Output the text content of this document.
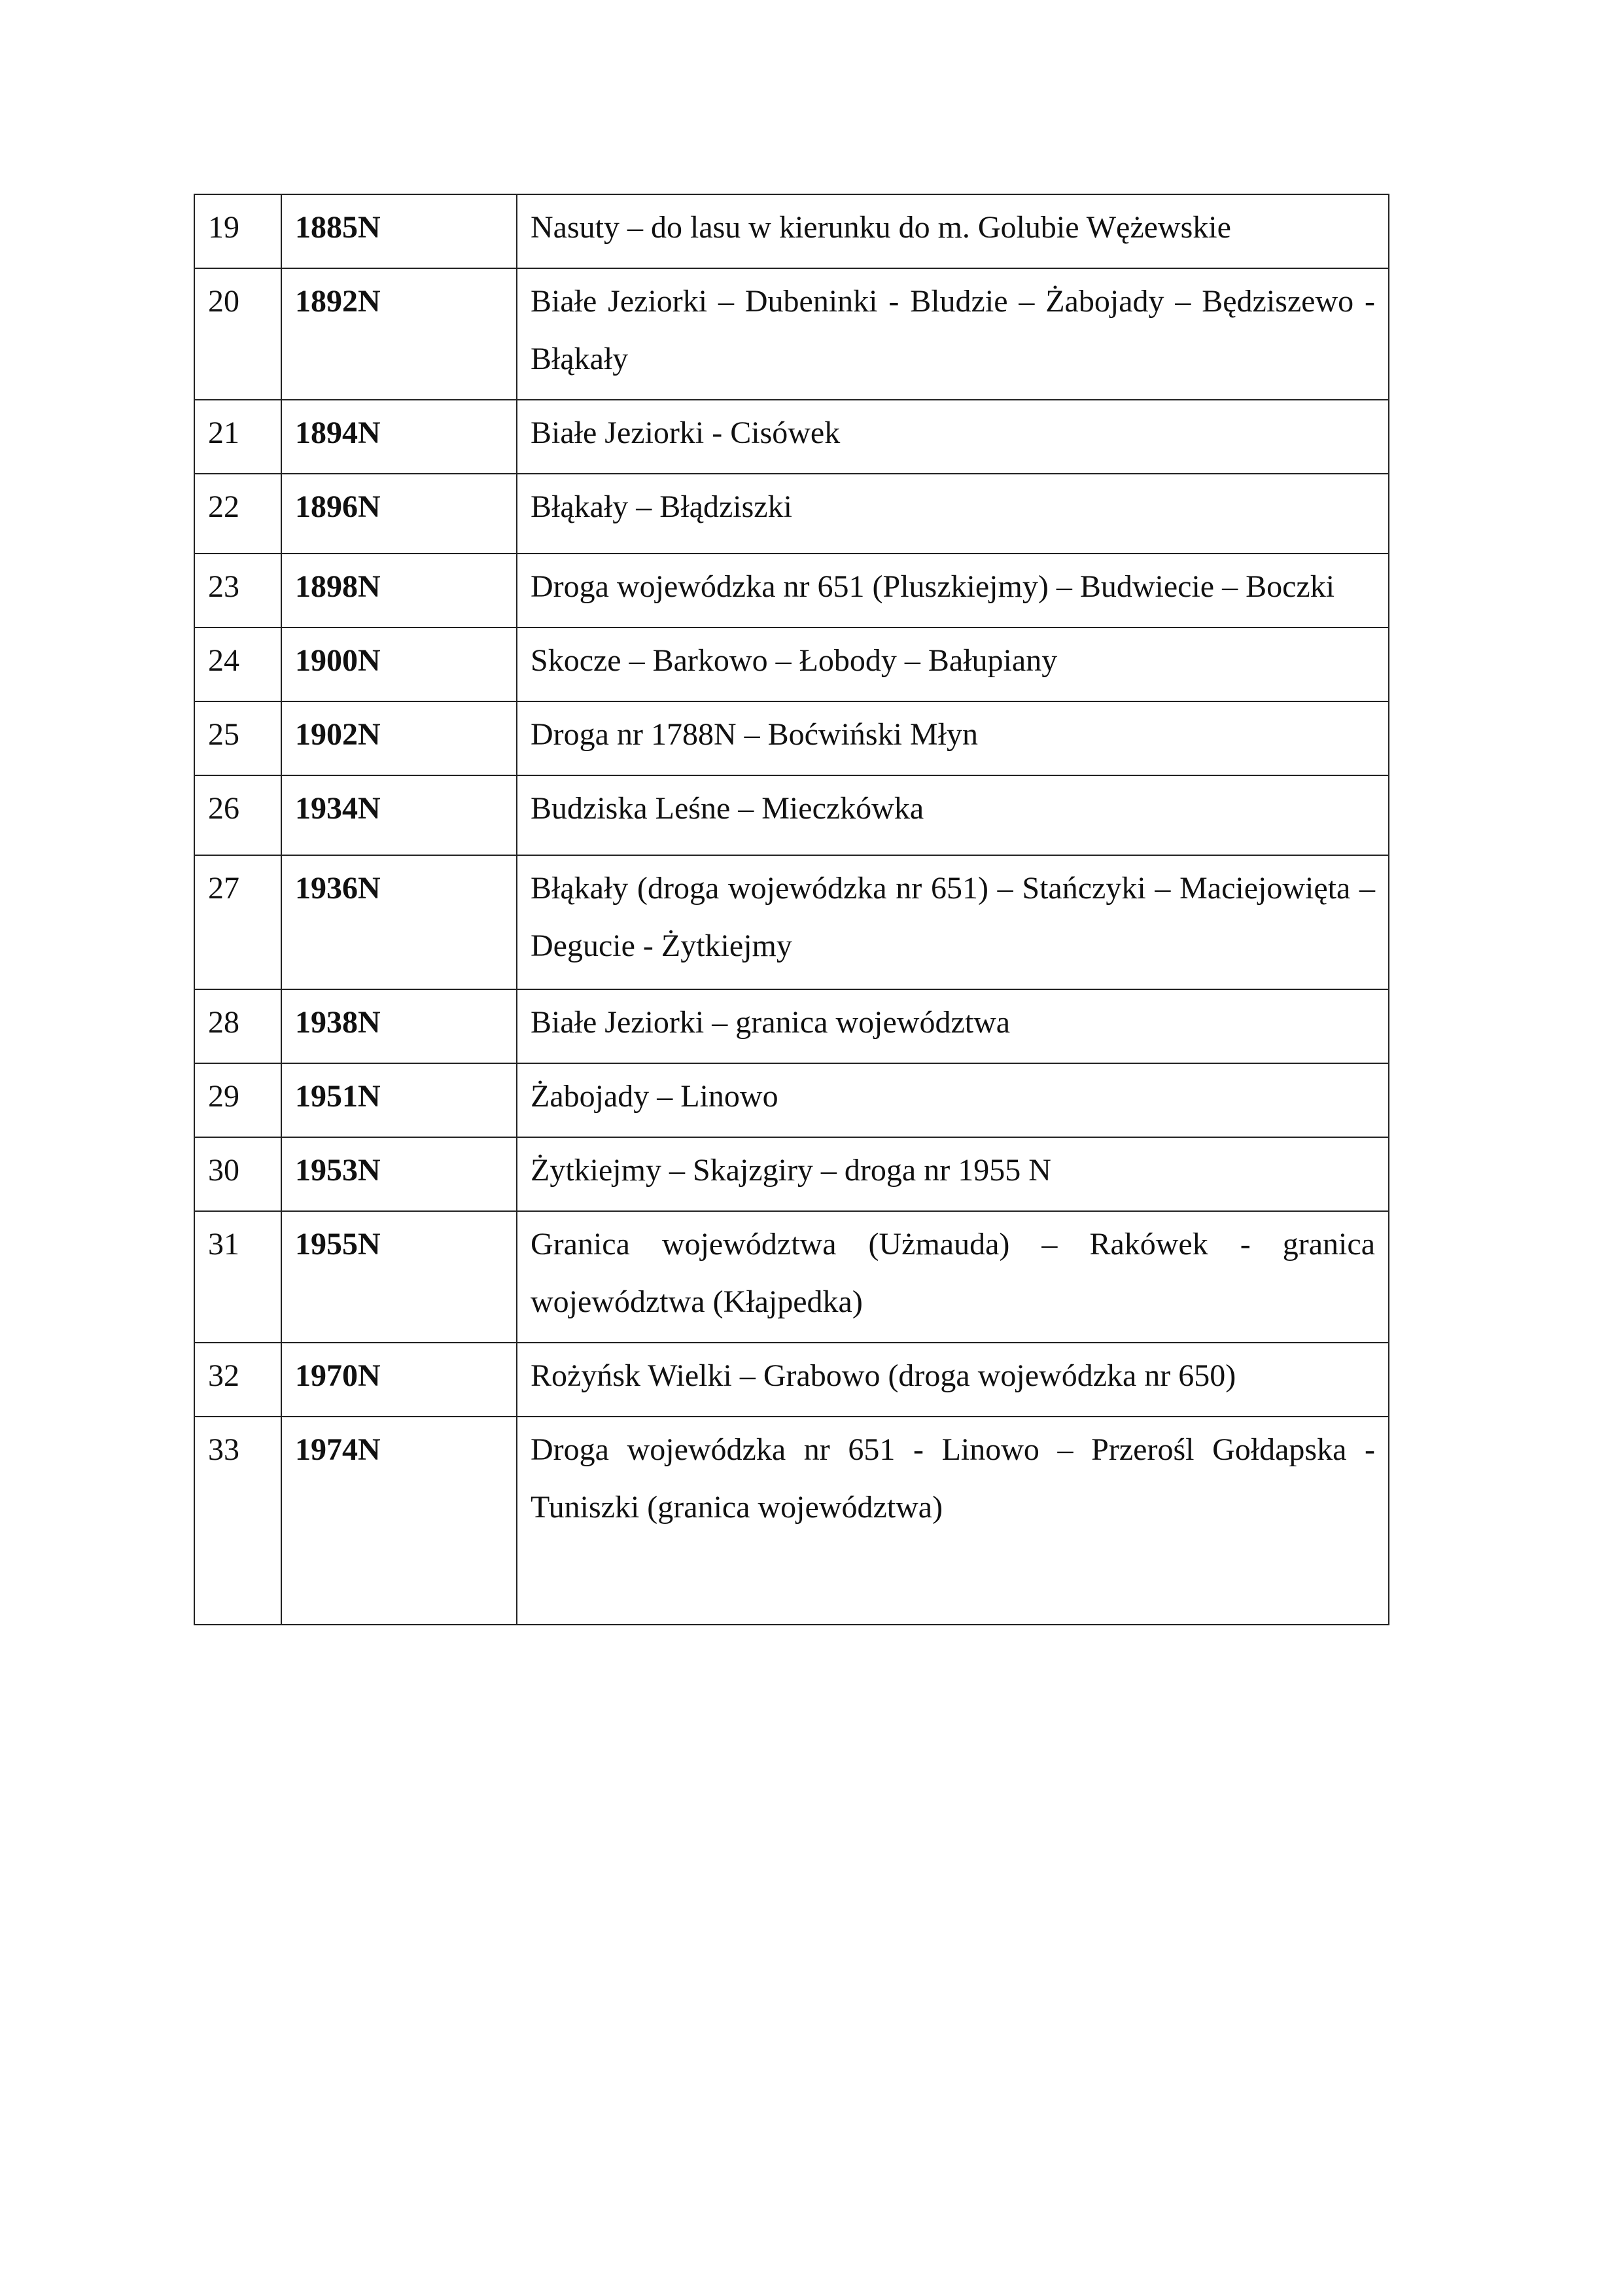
19	1885N	Nasuty – do lasu w kierunku do m. Golubie Wężewskie
20	1892N	Białe Jeziorki – Dubeninki - Bludzie – Żabojady – Będziszewo - Błąkały
21	1894N	Białe Jeziorki - Cisówek
22	1896N	Błąkały – Błądziszki
23	1898N	Droga wojewódzka nr 651 (Pluszkiejmy) – Budwiecie – Boczki
24	1900N	Skocze – Barkowo – Łobody – Bałupiany
25	1902N	Droga nr 1788N – Boćwiński Młyn
26	1934N	Budziska Leśne – Mieczkówka
27	1936N	Błąkały (droga wojewódzka nr 651) – Stańczyki – Maciejowięta – Degucie - Żytkiejmy
28	1938N	Białe Jeziorki – granica województwa
29	1951N	Żabojady – Linowo
30	1953N	Żytkiejmy – Skajzgiry – droga nr 1955 N
31	1955N	Granica województwa (Użmauda) – Rakówek - granica województwa (Kłajpedka)
32	1970N	Rożyńsk Wielki – Grabowo (droga wojewódzka nr 650)
33	1974N	Droga wojewódzka nr 651 - Linowo – Przerośl Gołdapska - Tuniszki (granica województwa)
